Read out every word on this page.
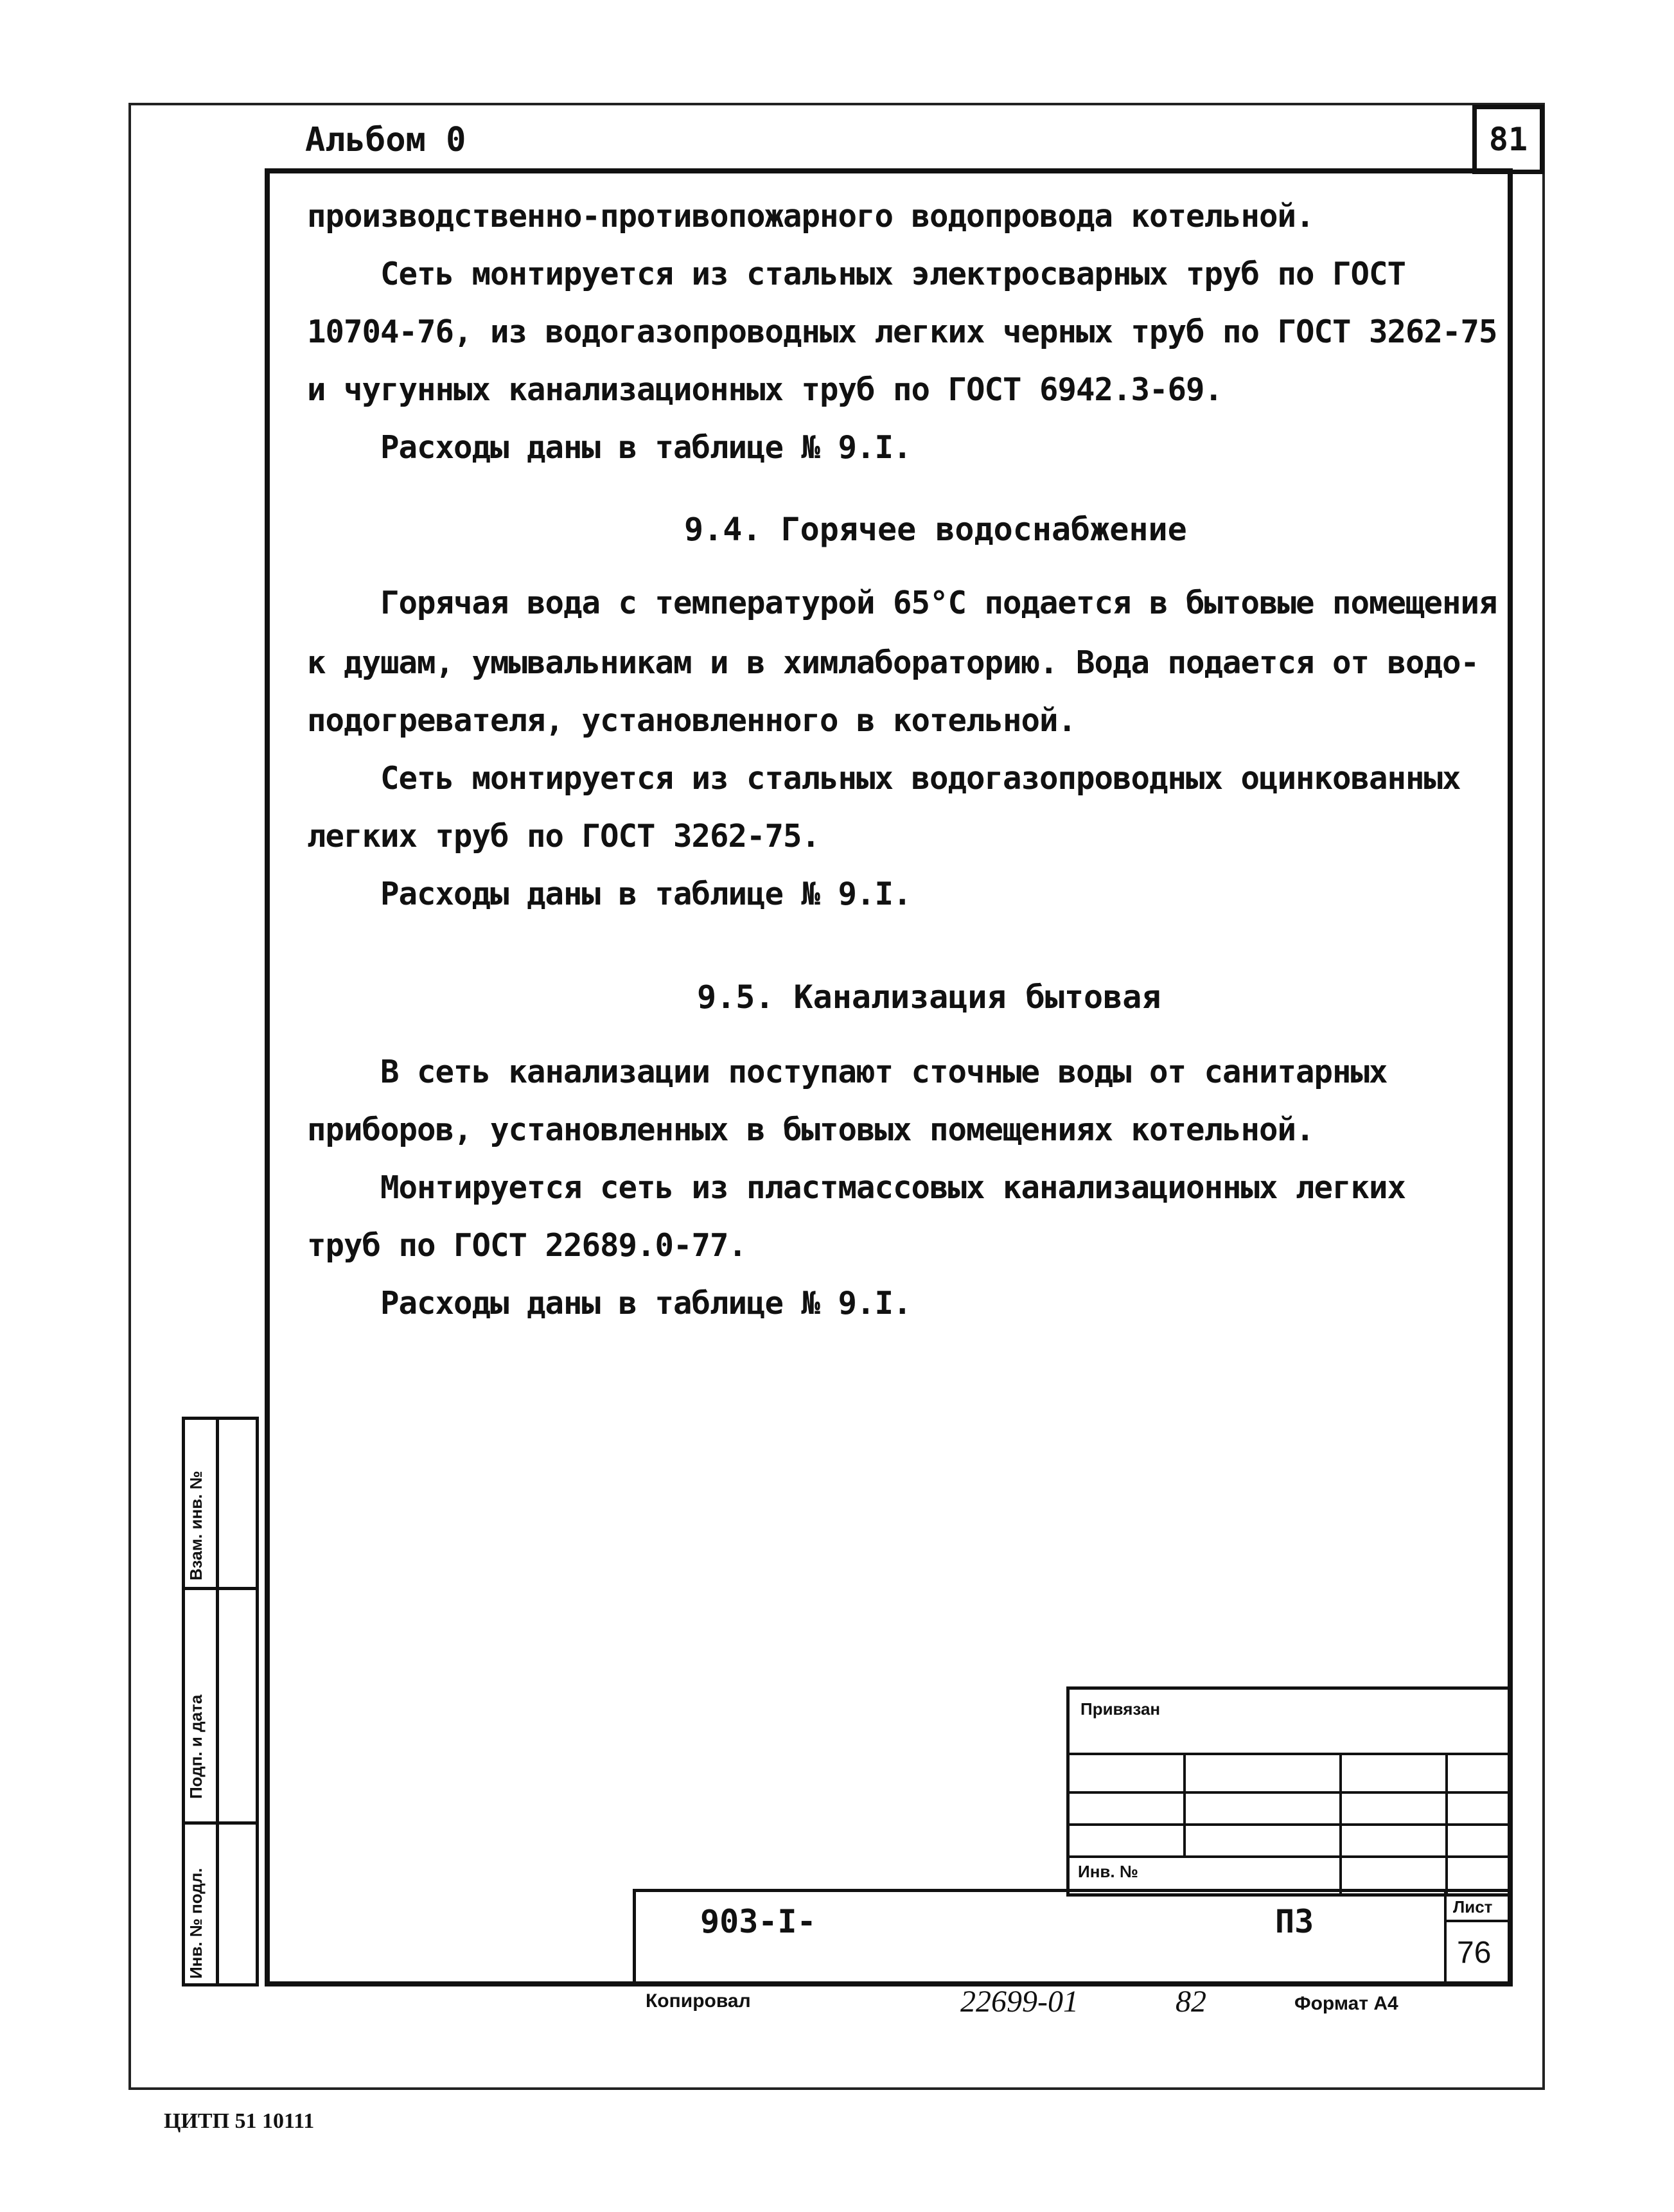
Альбом 0	81
производственно-противопожарного водопровода котельной.
Сеть монтируется из стальных электросварных труб по ГОСТ
10704-76, из водогазопроводных легких черных труб по ГОСТ 3262-75
и чугунных канализационных труб по ГОСТ 6942.3-69.
Расходы даны в таблице № 9.I.
9.4. Горячее водоснабжение
Горячая вода с температурой 65°С подается в бытовые помещения
к душам, умывальникам и в химлабораторию. Вода подается от водо-
подогревателя, установленного в котельной.
Сеть монтируется из стальных водогазопроводных оцинкованных
легких труб по ГОСТ 3262-75.
Расходы даны в таблице № 9.I.
9.5. Канализация бытовая
В сеть канализации поступают сточные воды от санитарных
приборов, установленных в бытовых помещениях котельной.
Монтируется сеть из пластмассовых канализационных легких
труб по ГОСТ 22689.0-77.
Расходы даны в таблице № 9.I.
Взам. инв. №
Подп. и дата
Инв. № подл.
Привязан
Инв. №
903-I-	ПЗ	Лист
76
Копировал	22699-01	82	Формат А4
ЦИТП 51 10111
